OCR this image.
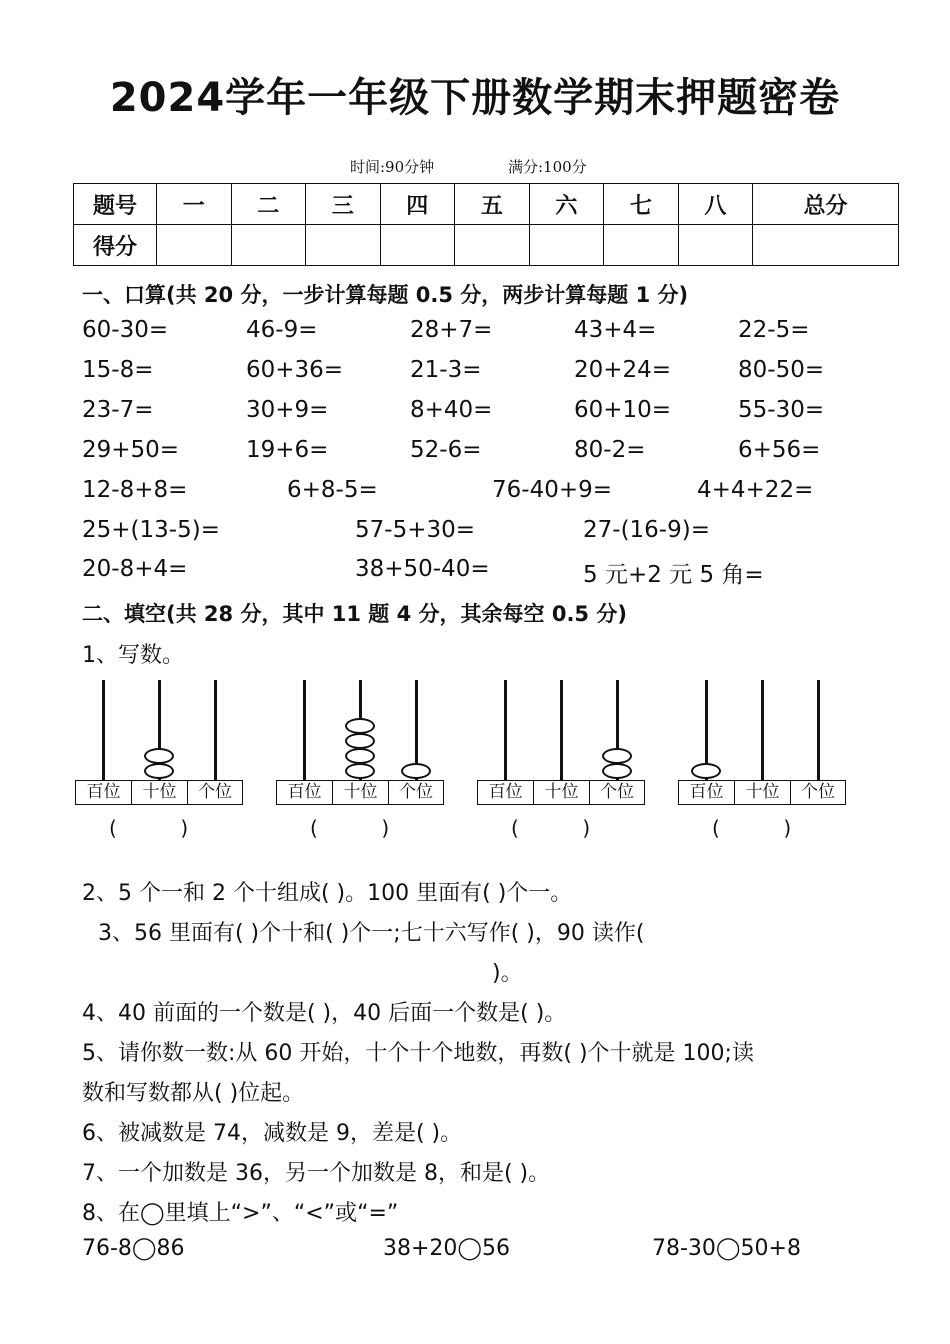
2024学年一年级下册数学期末押题密卷
时间:90分钟	满分:100分
题号	一	二	三	四	五	六	七	八	总分
得分									
一、口算(共 20 分，一步计算每题 0.5 分，两步计算每题 1 分)
60-30=	46-9=	28+7=	43+4=	22-5=
15-8=	60+36=	21-3=	20+24=	80-50=
23-7=	30+9=	8+40=	60+10=	55-30=
29+50=	19+6=	52-6=	80-2=	6+56=
12-8+8=	6+8-5=	76-40+9=	4+4+22=
25+(13-5)=	57-5+30=	27-(16-9)=
20-8+4=	38+50-40=	5 元+2 元 5 角=
二、填空(共 28 分，其中 11 题 4 分，其余每空 0.5 分)
1、写数。
百位	十位	个位
(          )
百位	十位	个位
(          )
百位	十位	个位
(          )
百位	十位	个位
(          )
2、5 个一和 2 个十组成( )。100 里面有( )个一。
3、56 里面有( )个十和( )个一;七十六写作( )，90 读作(
)。
4、40 前面的一个数是( )，40 后面一个数是( )。
5、请你数一数:从 60 开始，十个十个地数，再数( )个十就是 100;读
数和写数都从( )位起。
6、被减数是 74，减数是 9，差是( )。
7、一个加数是 36，另一个加数是 8，和是( )。
8、在◯里填上“>”、“<”或“=”
76-8◯86	38+20◯56	78-30◯50+8
